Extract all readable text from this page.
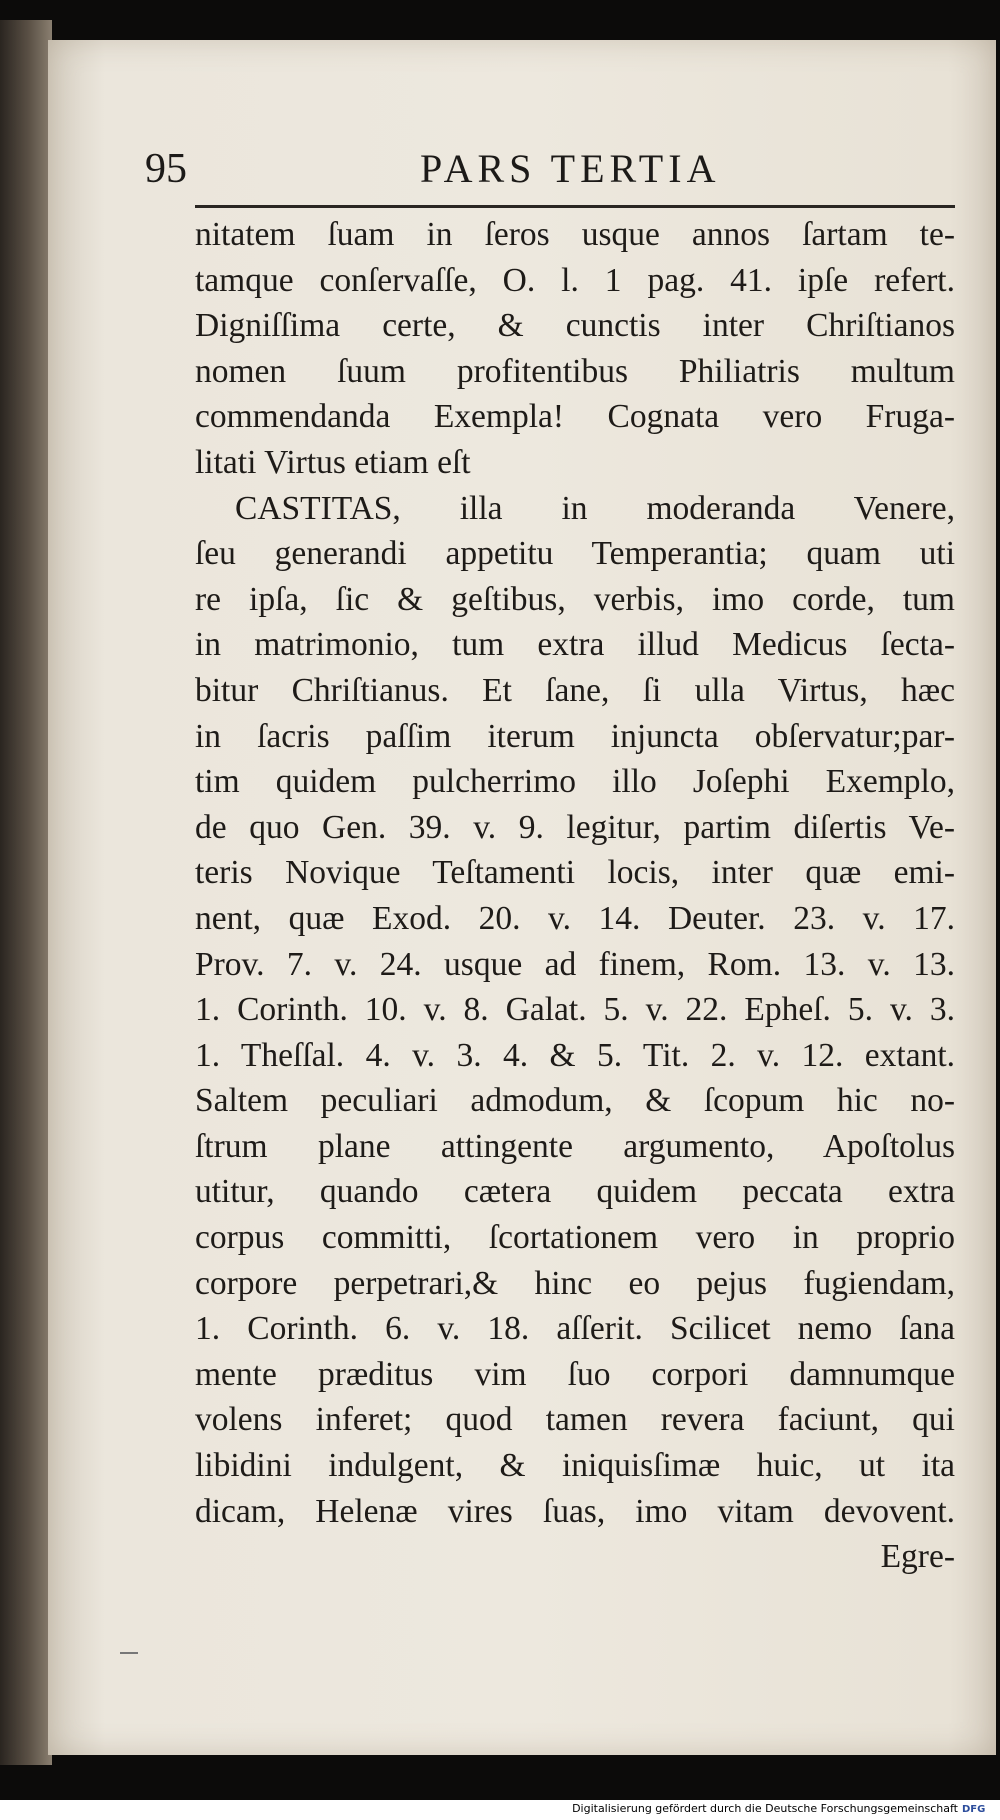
95	PARS TERTIA
nitatem ſuam in ſeros usque annos ſartam te-
tamque conſervaſſe, O. l. 1 pag. 41. ipſe refert.
Digniſſima certe, & cunctis inter Chriſtianos
nomen ſuum profitentibus Philiatris multum
commendanda Exempla! Cognata vero Fruga-
litati Virtus etiam eſt
CASTITAS, illa in moderanda Venere,
ſeu generandi appetitu Temperantia; quam uti
re ipſa, ſic & geſtibus, verbis, imo corde, tum
in matrimonio, tum extra illud Medicus ſecta-
bitur Chriſtianus. Et ſane, ſi ulla Virtus, hæc
in ſacris paſſim iterum injuncta obſervatur;par-
tim quidem pulcherrimo illo Joſephi Exemplo,
de quo Gen. 39. v. 9. legitur, partim diſertis Ve-
teris Novique Teſtamenti locis, inter quæ emi-
nent, quæ Exod. 20. v. 14. Deuter. 23. v. 17.
Prov. 7. v. 24. usque ad finem, Rom. 13. v. 13.
1. Corinth. 10. v. 8. Galat. 5. v. 22. Epheſ. 5. v. 3.
1. Theſſal. 4. v. 3. 4. & 5. Tit. 2. v. 12. extant.
Saltem peculiari admodum, & ſcopum hic no-
ſtrum plane attingente argumento, Apoſtolus
utitur, quando cætera quidem peccata extra
corpus committi, ſcortationem vero in proprio
corpore perpetrari,& hinc eo pejus fugiendam,
1. Corinth. 6. v. 18. aſſerit. Scilicet nemo ſana
mente præditus vim ſuo corpori damnumque
volens inferet; quod tamen revera faciunt, qui
libidini indulgent, & iniquisſimæ huic, ut ita
dicam, Helenæ vires ſuas, imo vitam devovent.
Egre-
Digitalisierung gefördert durch die Deutsche Forschungsgemeinschaft DFG
